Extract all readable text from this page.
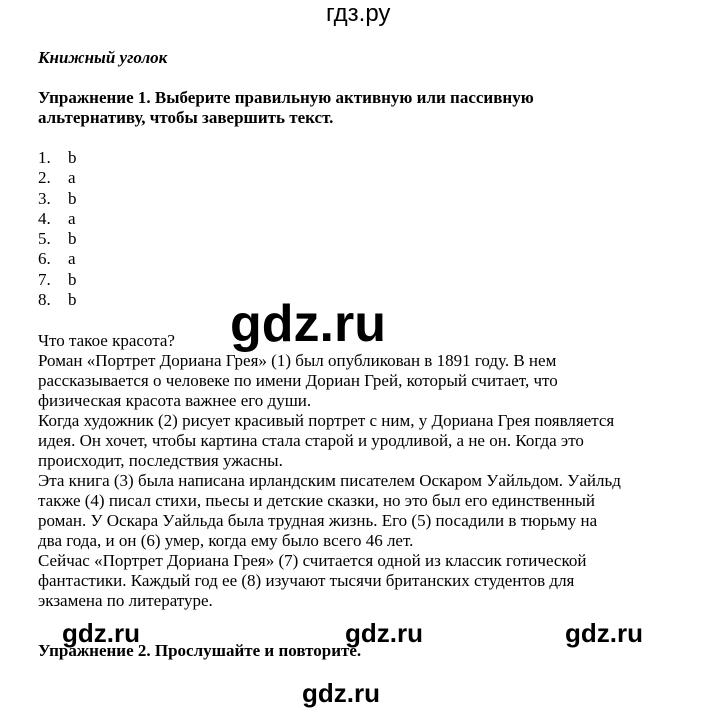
гдз.ру
Книжный уголок
Упражнение 1. Выберите правильную активную или пассивную
альтернативу, чтобы завершить текст.
1. b
2. a
3. b
4. a
5. b
6. a
7. b
8. b
Что такое красота?
Роман «Портрет Дориана Грея» (1) был опубликован в 1891 году. В нем
рассказывается о человеке по имени Дориан Грей, который считает, что
физическая красота важнее его души.
Когда художник (2) рисует красивый портрет с ним, у Дориана Грея появляется
идея. Он хочет, чтобы картина стала старой и уродливой, а не он. Когда это
происходит, последствия ужасны.
Эта книга (3) была написана ирландским писателем Оскаром Уайльдом. Уайльд
также (4) писал стихи, пьесы и детские сказки, но это был его единственный
роман. У Оскара Уайльда была трудная жизнь. Его (5) посадили в тюрьму на
два года, и он (6) умер, когда ему было всего 46 лет.
Сейчас «Портрет Дориана Грея» (7) считается одной из классик готической
фантастики. Каждый год ее (8) изучают тысячи британских студентов для
экзамена по литературе.
gdz.ru
gdz.ru	gdz.ru	gdz.ru
Упражнение 2. Прослушайте и повторите.
gdz.ru
